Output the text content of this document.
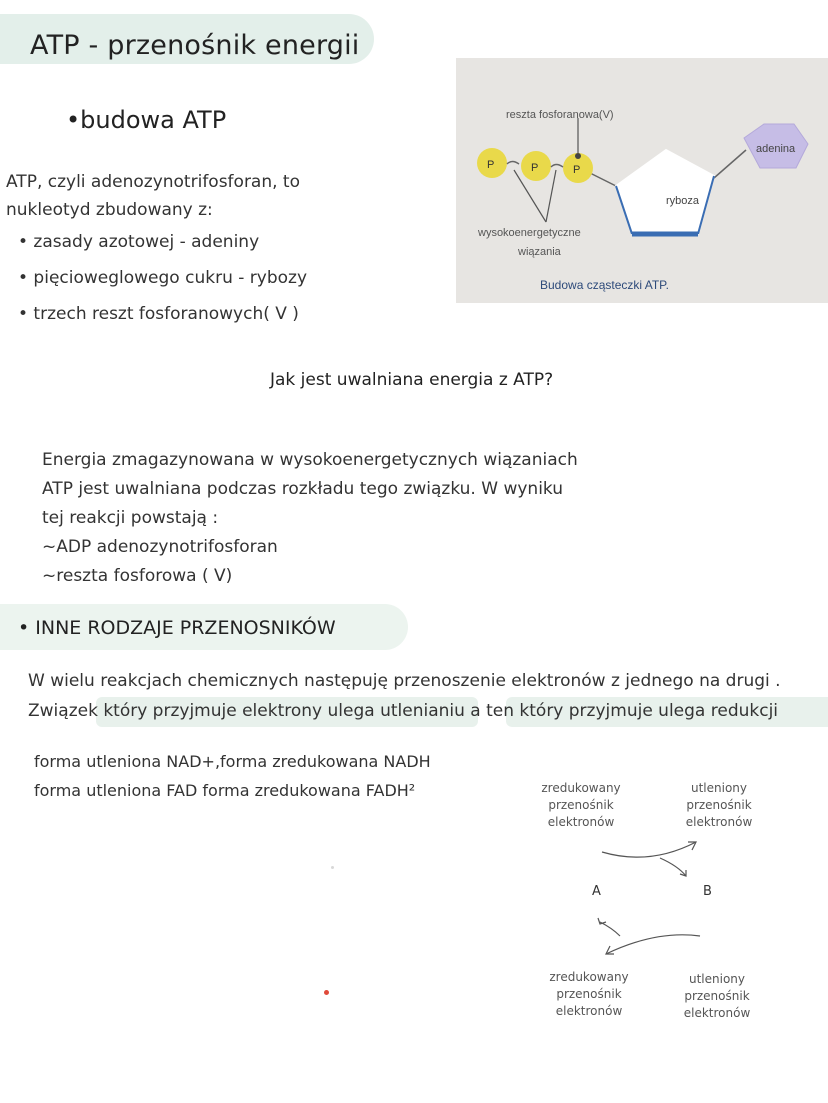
ATP - przenośnik energii
•budowa ATP
ATP, czyli adenozynotrifosforan, to
nukleotyd zbudowany z:
• zasady azotowej - adeniny
• pięcioweglowego cukru - rybozy
• trzech reszt fosforanowych( V )
reszta fosforanowa(V)
P	P	P
adenina
ryboza
wysokoenergetyczne
wiązania
Budowa cząsteczki ATP.
Jak jest uwalniana energia z ATP?
Energia zmagazynowana w wysokoenergetycznych wiązaniach
ATP jest uwalniana podczas rozkładu tego związku. W wyniku
tej reakcji powstają :
~ADP adenozynotrifosforan
~reszta fosforowa ( V)
• INNE RODZAJE PRZENOSNIKÓW
W wielu reakcjach chemicznych następuję przenoszenie elektronów z jednego na drugi .
Związek który przyjmuje elektrony ulega utlenianiu a ten który przyjmuje ulega redukcji
forma utleniona NAD+,forma zredukowana NADH
forma utleniona FAD forma zredukowana FADH²	zredukowany
przenośnik
elektronów
utleniony
przenośnik
elektronów
A	B
zredukowany
przenośnik
elektronów
utleniony
przenośnik
elektronów
